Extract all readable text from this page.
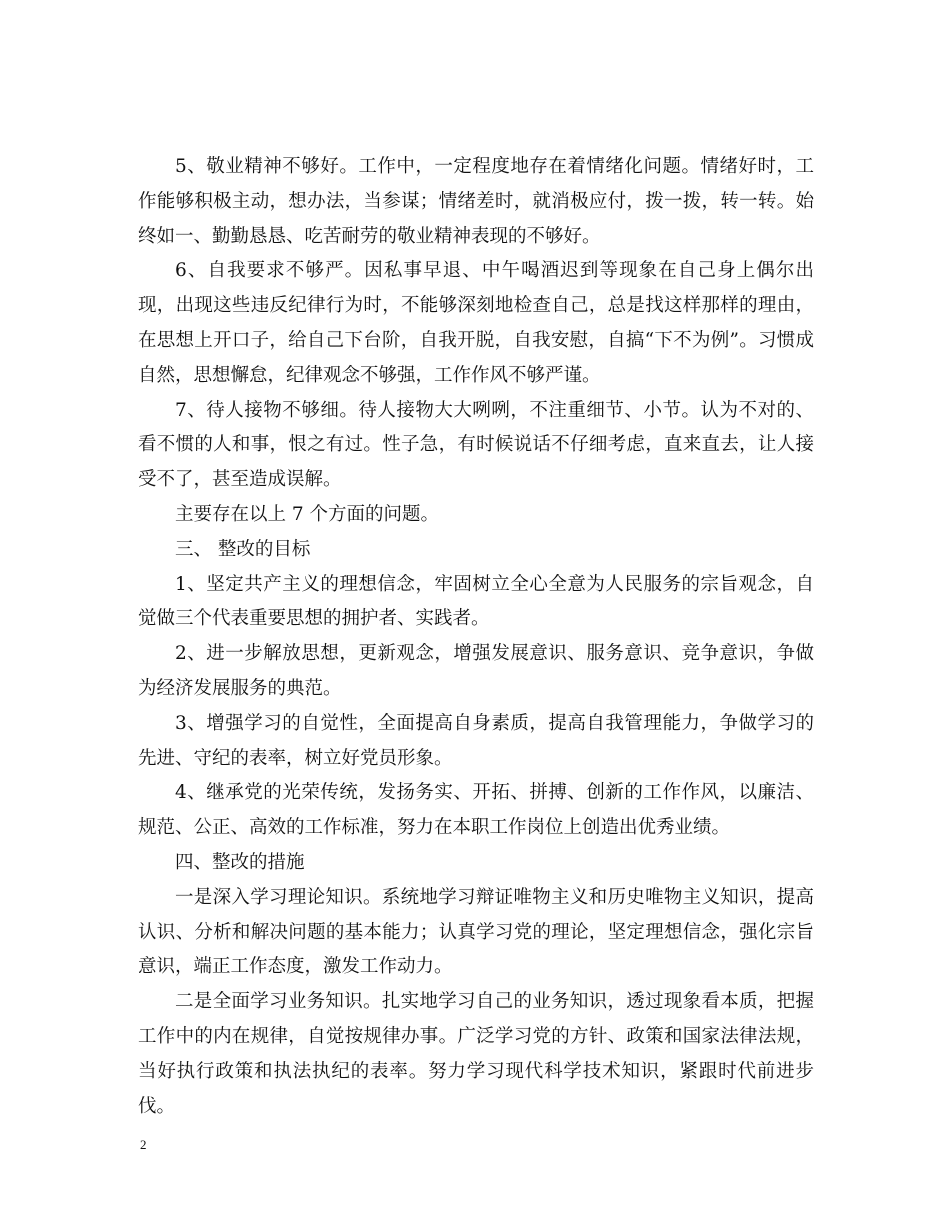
5、敬业精神不够好。工作中，一定程度地存在着情绪化问题。情绪好时，工作能够积极主动，想办法，当参谋；情绪差时，就消极应付，拨一拨，转一转。始终如一、勤勤恳恳、吃苦耐劳的敬业精神表现的不够好。

6、自我要求不够严。因私事早退、中午喝酒迟到等现象在自己身上偶尔出现，出现这些违反纪律行为时，不能够深刻地检查自己，总是找这样那样的理由，在思想上开口子，给自己下台阶，自我开脱，自我安慰，自搞“下不为例”。习惯成自然，思想懈怠，纪律观念不够强，工作作风不够严谨。

7、待人接物不够细。待人接物大大咧咧，不注重细节、小节。认为不对的、看不惯的人和事，恨之有过。性子急，有时候说话不仔细考虑，直来直去，让人接受不了，甚至造成误解。

主要存在以上 7 个方面的问题。

三、 整改的目标

1、坚定共产主义的理想信念，牢固树立全心全意为人民服务的宗旨观念，自觉做三个代表重要思想的拥护者、实践者。

2、进一步解放思想，更新观念，增强发展意识、服务意识、竞争意识，争做为经济发展服务的典范。

3、增强学习的自觉性，全面提高自身素质，提高自我管理能力，争做学习的先进、守纪的表率，树立好党员形象。

4、继承党的光荣传统，发扬务实、开拓、拼搏、创新的工作作风，以廉洁、规范、公正、高效的工作标准，努力在本职工作岗位上创造出优秀业绩。

四、整改的措施

一是深入学习理论知识。系统地学习辩证唯物主义和历史唯物主义知识，提高认识、分析和解决问题的基本能力；认真学习党的理论，坚定理想信念，强化宗旨意识，端正工作态度，激发工作动力。

二是全面学习业务知识。扎实地学习自己的业务知识，透过现象看本质，把握工作中的内在规律，自觉按规律办事。广泛学习党的方针、政策和国家法律法规，当好执行政策和执法执纪的表率。努力学习现代科学技术知识，紧跟时代前进步伐。

2
